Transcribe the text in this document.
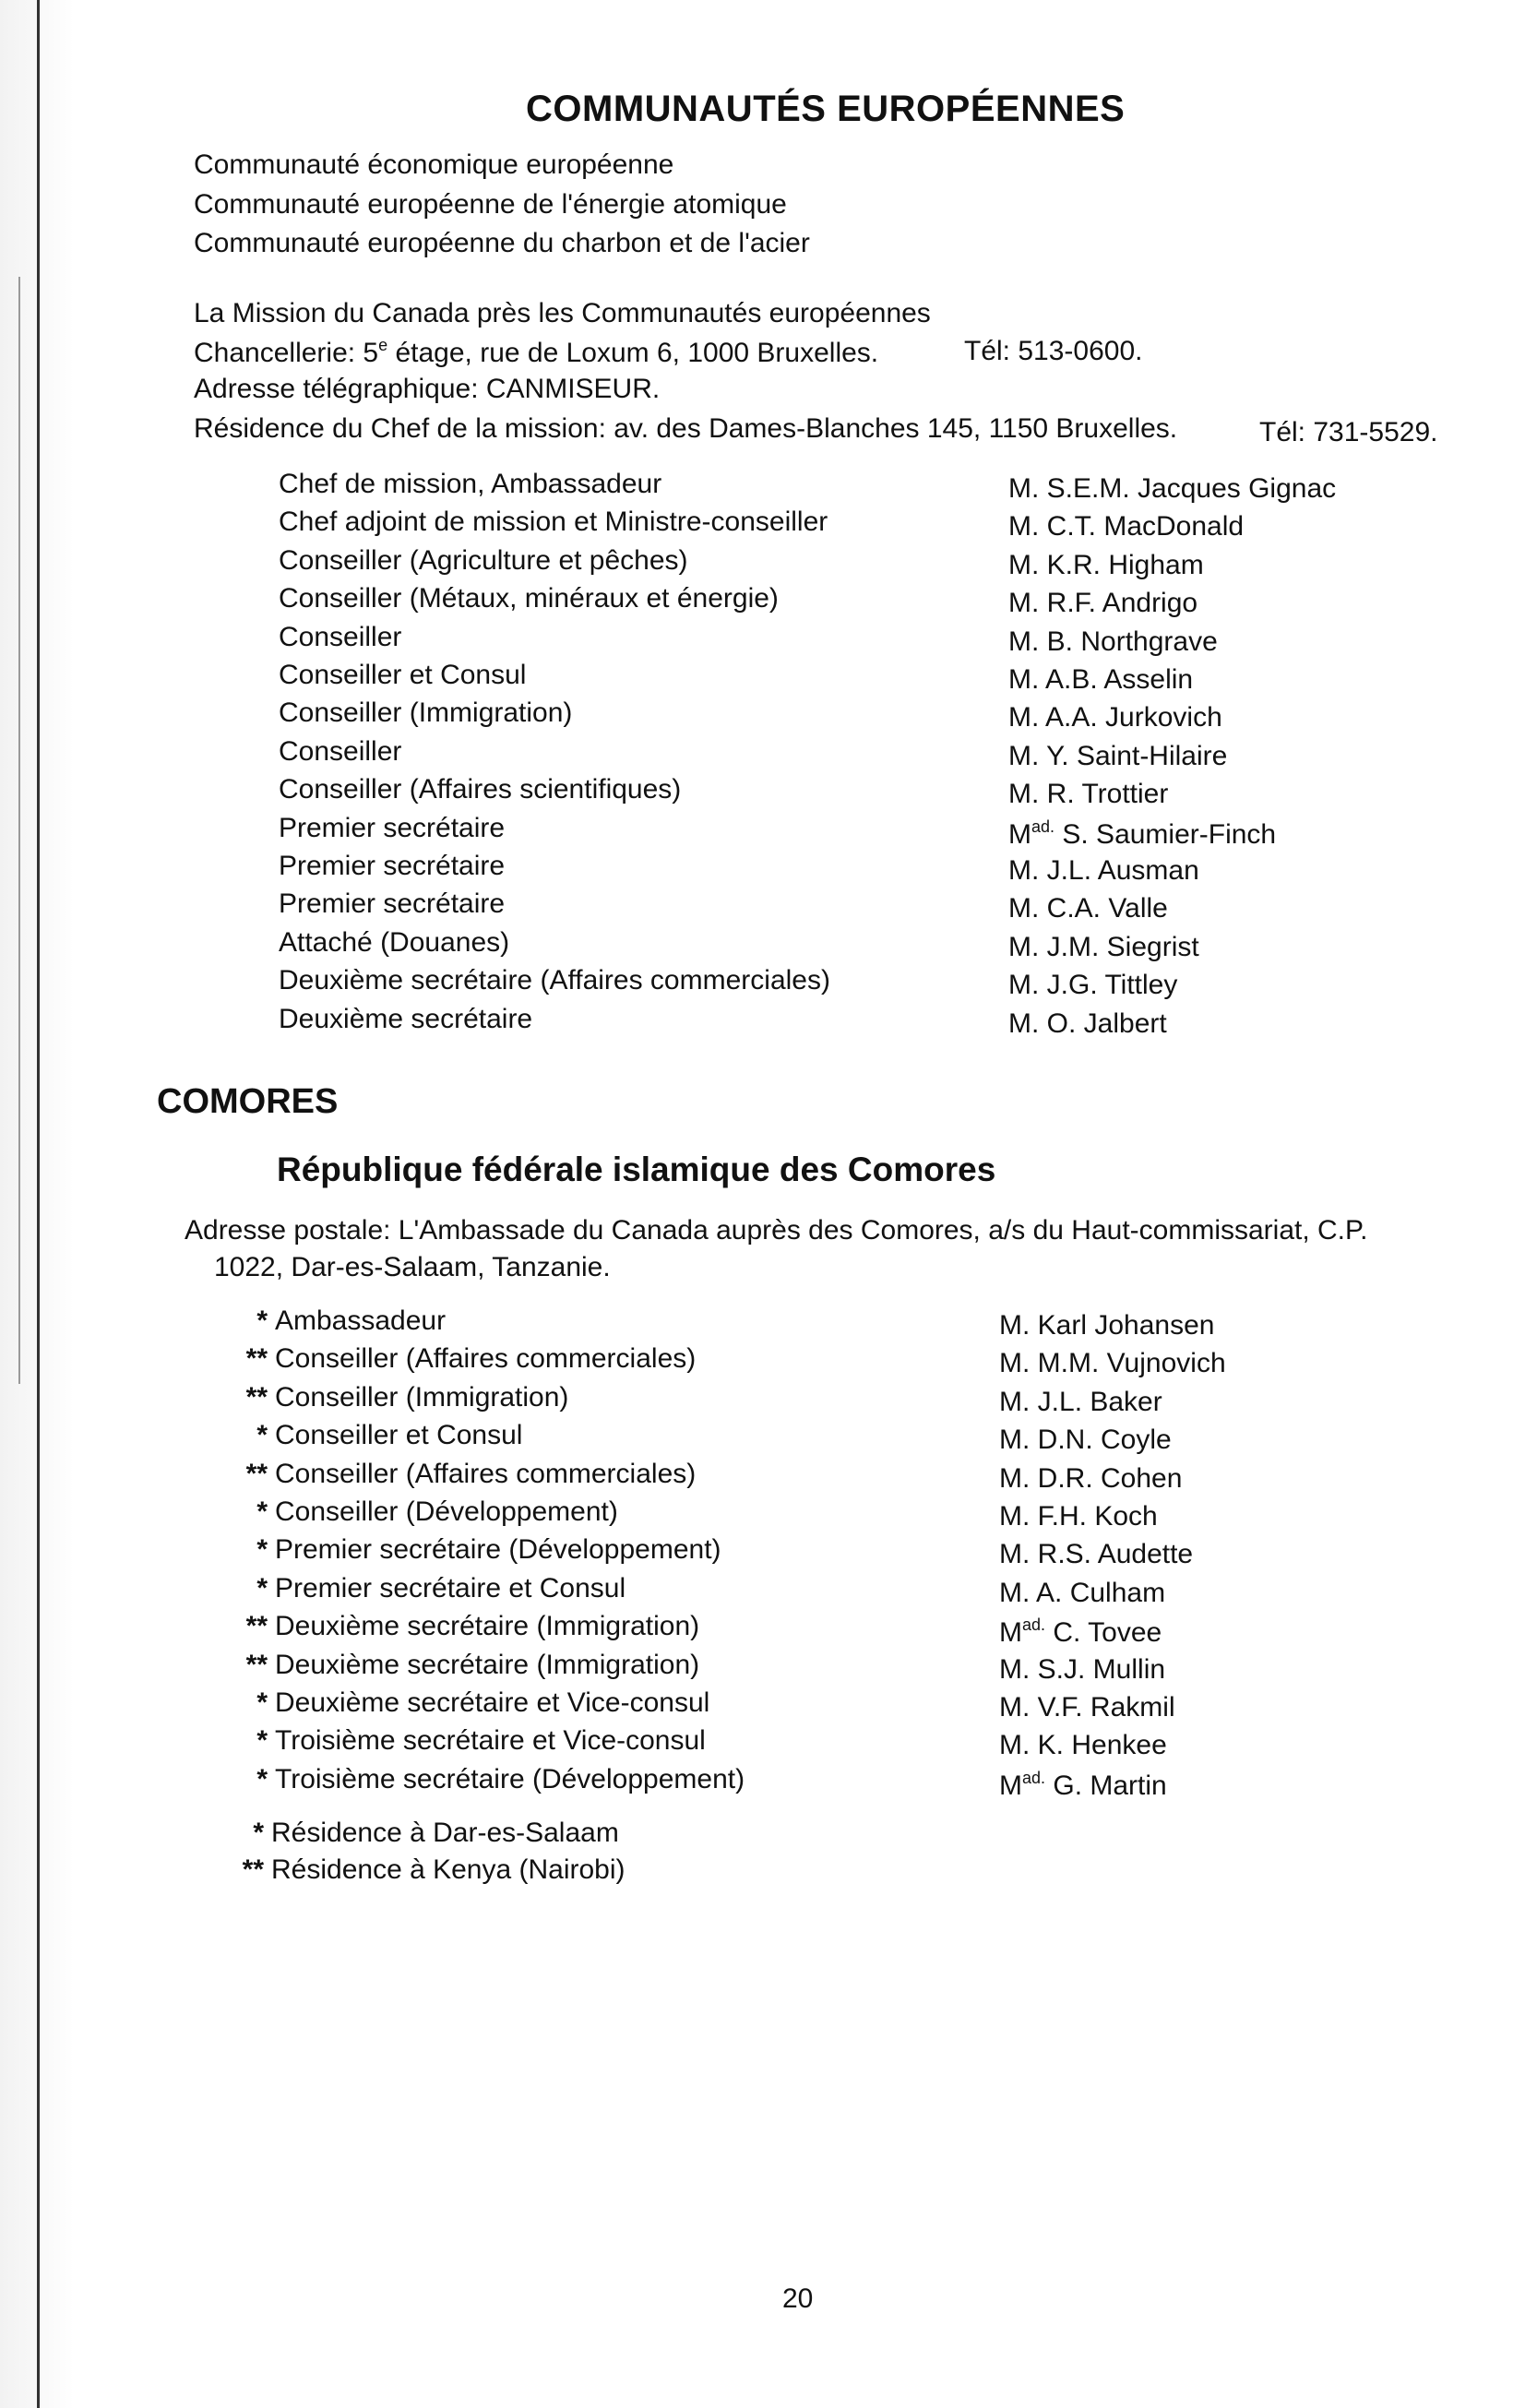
COMMUNAUTÉS EUROPÉENNES
Communauté économique européenne
Communauté européenne de l'énergie atomique
Communauté européenne du charbon et de l'acier
La Mission du Canada près les Communautés européennes
Chancellerie: 5e étage, rue de Loxum 6, 1000 Bruxelles.	Tél: 513-0600.
Adresse télégraphique: CANMISEUR.
Résidence du Chef de la mission: av. des Dames-Blanches 145, 1150 Bruxelles.	Tél: 731-5529.
Chef de mission, Ambassadeur	M. S.E.M. Jacques Gignac
Chef adjoint de mission et Ministre-conseiller	M. C.T. MacDonald
Conseiller (Agriculture et pêches)	M. K.R. Higham
Conseiller (Métaux, minéraux et énergie)	M. R.F. Andrigo
Conseiller	M. B. Northgrave
Conseiller et Consul	M. A.B. Asselin
Conseiller (Immigration)	M. A.A. Jurkovich
Conseiller	M. Y. Saint-Hilaire
Conseiller (Affaires scientifiques)	M. R. Trottier
Premier secrétaire	$M^{ad.}$ S. Saumier-Finch
Premier secrétaire	M. J.L. Ausman
Premier secrétaire	M. C.A. Valle
Attaché (Douanes)	M. J.M. Siegrist
Deuxième secrétaire (Affaires commerciales)	M. J.G. Tittley
Deuxième secrétaire	M. O. Jalbert
COMORES
République fédérale islamique des Comores
Adresse postale: L'Ambassade du Canada auprès des Comores, a/s du Haut-commissariat, C.P.
1022, Dar-es-Salaam, Tanzanie.
* Ambassadeur	M. Karl Johansen
** Conseiller (Affaires commerciales)	M. M.M. Vujnovich
** Conseiller (Immigration)	M. J.L. Baker
* Conseiller et Consul	M. D.N. Coyle
** Conseiller (Affaires commerciales)	M. D.R. Cohen
* Conseiller (Développement)	M. F.H. Koch
* Premier secrétaire (Développement)	M. R.S. Audette
* Premier secrétaire et Consul	M. A. Culham
** Deuxième secrétaire (Immigration)	$M^{ad.}$ C. Tovee
** Deuxième secrétaire (Immigration)	M. S.J. Mullin
* Deuxième secrétaire et Vice-consul	M. V.F. Rakmil
* Troisième secrétaire et Vice-consul	M. K. Henkee
* Troisième secrétaire (Développement)	$M^{ad.}$ G. Martin
* Résidence à Dar-es-Salaam
** Résidence à Kenya (Nairobi)
20
